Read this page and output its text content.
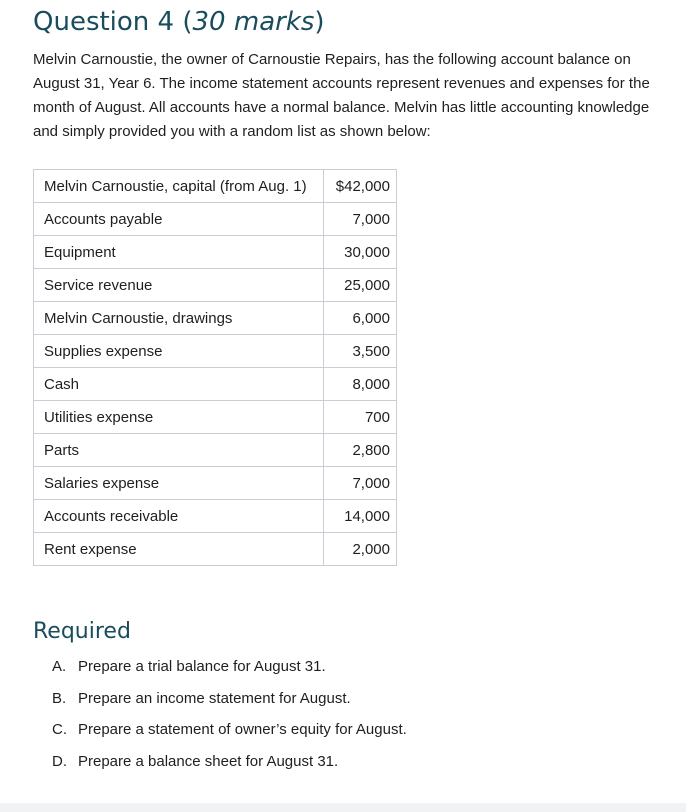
Question 4 (30 marks)

Melvin Carnoustie, the owner of Carnoustie Repairs, has the following account balance on August 31, Year 6. The income statement accounts represent revenues and expenses for the month of August. All accounts have a normal balance. Melvin has little accounting knowledge and simply provided you with a random list as shown below:

Melvin Carnoustie, capital (from Aug. 1)	$42,000
Accounts payable	7,000
Equipment	30,000
Service revenue	25,000
Melvin Carnoustie, drawings	6,000
Supplies expense	3,500
Cash	8,000
Utilities expense	700
Parts	2,800
Salaries expense	7,000
Accounts receivable	14,000
Rent expense	2,000
Required
A. Prepare a trial balance for August 31.
B. Prepare an income statement for August.
C. Prepare a statement of owner’s equity for August.
D. Prepare a balance sheet for August 31.
